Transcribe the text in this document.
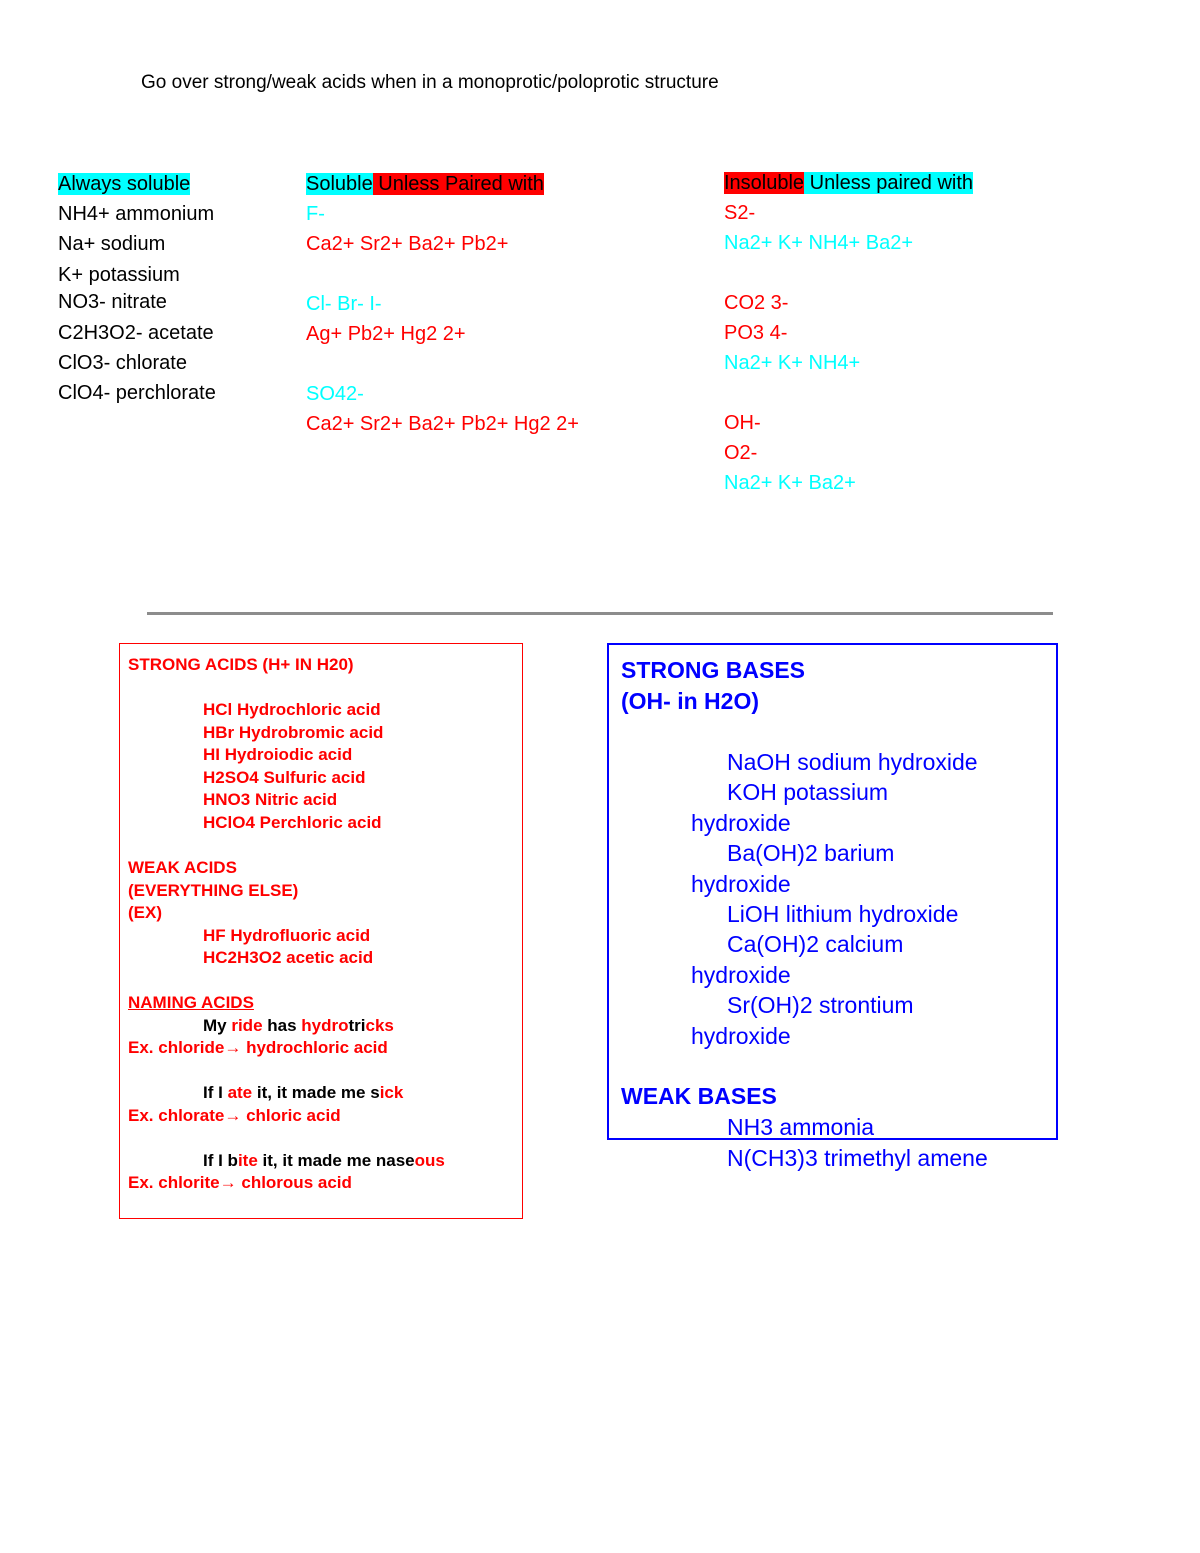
Go over strong/weak acids when in a monoprotic/poloprotic structure
Always soluble
NH4+ ammonium
Na+ sodium
K+ potassium
NO3- nitrate
C2H3O2- acetate
ClO3- chlorate
ClO4- perchlorate
Soluble Unless Paired with
F-
Ca2+ Sr2+ Ba2+ Pb2+
Cl- Br- I-
Ag+ Pb2+ Hg2 2+
SO42-
Ca2+ Sr2+ Ba2+ Pb2+ Hg2 2+
Insoluble Unless paired with
S2-
Na2+ K+ NH4+ Ba2+
CO2 3-
PO3 4-
Na2+ K+ NH4+
OH-
O2-
Na2+ K+ Ba2+
STRONG ACIDS (H+ IN H20)
HCl Hydrochloric acid
HBr Hydrobromic acid
HI Hydroiodic acid
H2SO4 Sulfuric acid
HNO3 Nitric acid
HClO4 Perchloric acid
WEAK ACIDS
(EVERYTHING ELSE)
(EX)
HF Hydrofluoric acid
HC2H3O2 acetic acid
NAMING ACIDS
My ride has hydrotricks
Ex. chloride→ hydrochloric acid
If I ate it, it made me sick
Ex. chlorate→ chloric acid
If I bite it, it made me naseous
Ex. chlorite→ chlorous acid
STRONG BASES
(OH- in H2O)
NaOH sodium hydroxide
KOH potassium
hydroxide
Ba(OH)2 barium
hydroxide
LiOH lithium hydroxide
Ca(OH)2 calcium
hydroxide
Sr(OH)2 strontium
hydroxide
WEAK BASES
NH3 ammonia
N(CH3)3 trimethyl amene
